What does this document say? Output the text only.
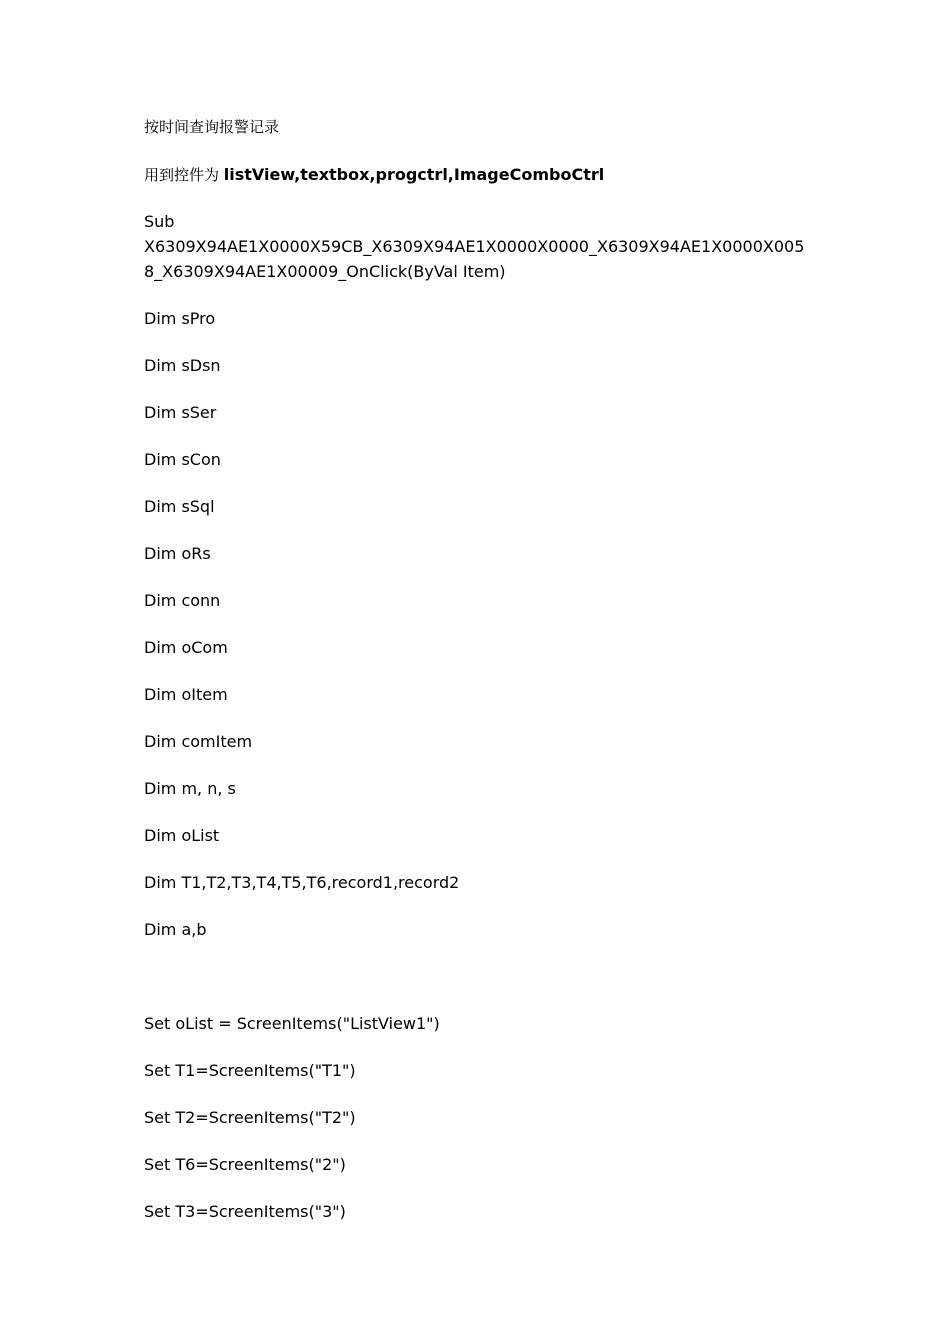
按时间查询报警记录
用到控件为 listView,textbox,progctrl,ImageComboCtrl
Sub
X6309X94AE1X0000X59CB_X6309X94AE1X0000X0000_X6309X94AE1X0000X005
8_X6309X94AE1X00009_OnClick(ByVal Item)
Dim sPro
Dim sDsn
Dim sSer
Dim sCon
Dim sSql
Dim oRs
Dim conn
Dim oCom
Dim oItem
Dim comItem
Dim m, n, s
Dim oList
Dim T1,T2,T3,T4,T5,T6,record1,record2
Dim a,b
Set oList = ScreenItems("ListView1")
Set T1=ScreenItems("T1")
Set T2=ScreenItems("T2")
Set T6=ScreenItems("2")
Set T3=ScreenItems("3")
